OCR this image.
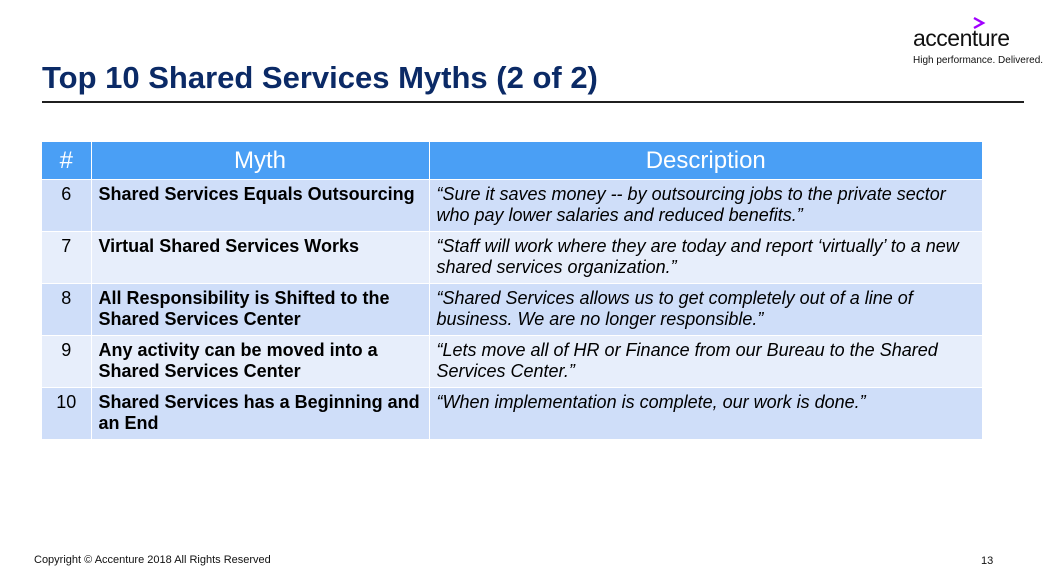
accenture
High performance. Delivered.
Top 10 Shared Services Myths (2 of 2)
#	Myth	Description
6	Shared Services Equals Outsourcing	“Sure it saves money -- by outsourcing jobs to the private sector who pay lower salaries and reduced benefits.”
7	Virtual Shared Services Works	“Staff will work where they are today and report ‘virtually’ to a new shared services organization.”
8	All Responsibility is Shifted to the Shared Services Center	“Shared Services allows us to get completely out of a line of business. We are no longer responsible.”
9	Any activity can be moved into a Shared Services Center	“Lets move all of HR or Finance from our Bureau to the Shared Services Center.”
10	Shared Services has a Beginning and an End	“When implementation is complete, our work is done.”
Copyright © Accenture 2018 All Rights Reserved	13
